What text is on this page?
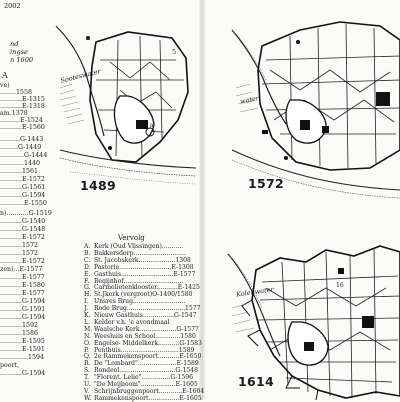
2002
nd
ingse
n 1600
A
ve)
........1558
...........E-1315
...........E-1318
am.1378
..........E-1524
...........E-1560
..........G-1443
.........G-1449
............G-1444
............1440
...........1561
...........E-1572
...........G-1561
...........G-1594
............E-1550
n)...........G-1519
...........G-1540
...........G-1548
...........E-1572
...........1572
...........1572
...........E-1572
zen)...E-1577
...........E-1577
...........E-1580
...........E-1577
...........G-1594
...........G-1591
...........G-1594
...........1592
...........1586
...........E-1595
...........E-1591
..............1594
poort,
...........G-1594
Sooteswater
5
a
1489
water
1572
Vervolg
A. Kerk (Oud Vlissingen)...........
B. Bakkersdorp...........................
C. St. Jacobskerk...................1308
D. Pastorie...........................E-1308
E. Gasthuis...........................E-1577
F. Begijnhof...............................
G. Carmelietenklooster...........E-1425
H. St.Jkerk (vergroot)O-1490/1580
I. Unsres Brug...........................
J. Rode Brug..............................1577
K. Nieuw Gasthuis................G-1547
L. Kelder v.h. 'e avondmaal
M. Waalsche Kerk...................G-1577
N. Weeshuis en School.............1580
O. Engelse- Middelkerk...........G-1583
P. Penthuis..............................1589
Q. 2e Rammekenspoort...........E-1650
R. De "Lombard"....................E-1589
S. Rondeel.............................G-1548
T. "Florent. Lelie"...............G-1596
U. "De Meijboom"..................E-1605
V. Schrijnbruggenpoort............E-1604
W. Rammekenspoort................E-1605
Kolenwater	16
1614
